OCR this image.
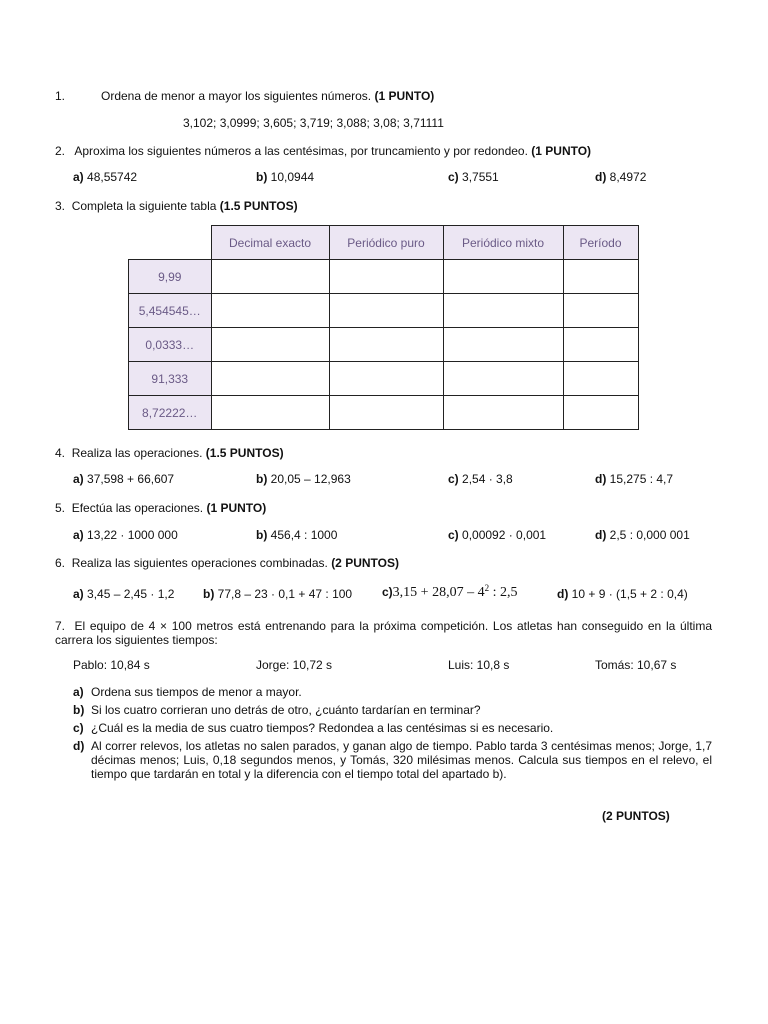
1.	Ordena de menor a mayor los siguientes números. (1 PUNTO)
3,102; 3,0999; 3,605; 3,719; 3,088; 3,08; 3,71111
2. Aproxima los siguientes números a las centésimas, por truncamiento y por redondeo. (1 PUNTO)
a) 48,55742	b) 10,0944	c) 3,7551	d) 8,4972
3. Completa la siguiente tabla (1.5 PUNTOS)
	Decimal exacto	Periódico puro	Periódico mixto	Período
9,99				
5,454545…				
0,0333…				
91,333				
8,72222…				
4. Realiza las operaciones. (1.5 PUNTOS)
a) 37,598 + 66,607	b) 20,05 – 12,963	c) 2,54 · 3,8	d) 15,275 : 4,7
5. Efectúa las operaciones. (1 PUNTO)
a) 13,22 · 1000 000	b) 456,4 : 1000	c) 0,00092 · 0,001	d) 2,5 : 0,000 001
6. Realiza las siguientes operaciones combinadas. (2 PUNTOS)
a) 3,45 – 2,45 · 1,2 b) 77,8 – 23 · 0,1 + 47 : 100 $c)3,15 + 28,07 - 4^2$ : 2,5	d) 10 + 9 · (1,5 + 2 : 0,4)
7. El equipo de 4 × 100 metros está entrenando para la próxima competición. Los atletas han conseguido en la última carrera los siguientes tiempos:
Pablo: 10,84 s	Jorge: 10,72 s	Luis: 10,8 s	Tomás: 10,67 s
a) Ordena sus tiempos de menor a mayor.
b) Si los cuatro corrieran uno detrás de otro, ¿cuánto tardarían en terminar?
c) ¿Cuál es la media de sus cuatro tiempos? Redondea a las centésimas si es necesario.
d) Al correr relevos, los atletas no salen parados, y ganan algo de tiempo. Pablo tarda 3 centésimas menos; Jorge, 1,7 décimas menos; Luis, 0,18 segundos menos, y Tomás, 320 milésimas menos. Calcula sus tiempos en el relevo, el tiempo que tardarán en total y la diferencia con el tiempo total del apartado b).
(2 PUNTOS)
